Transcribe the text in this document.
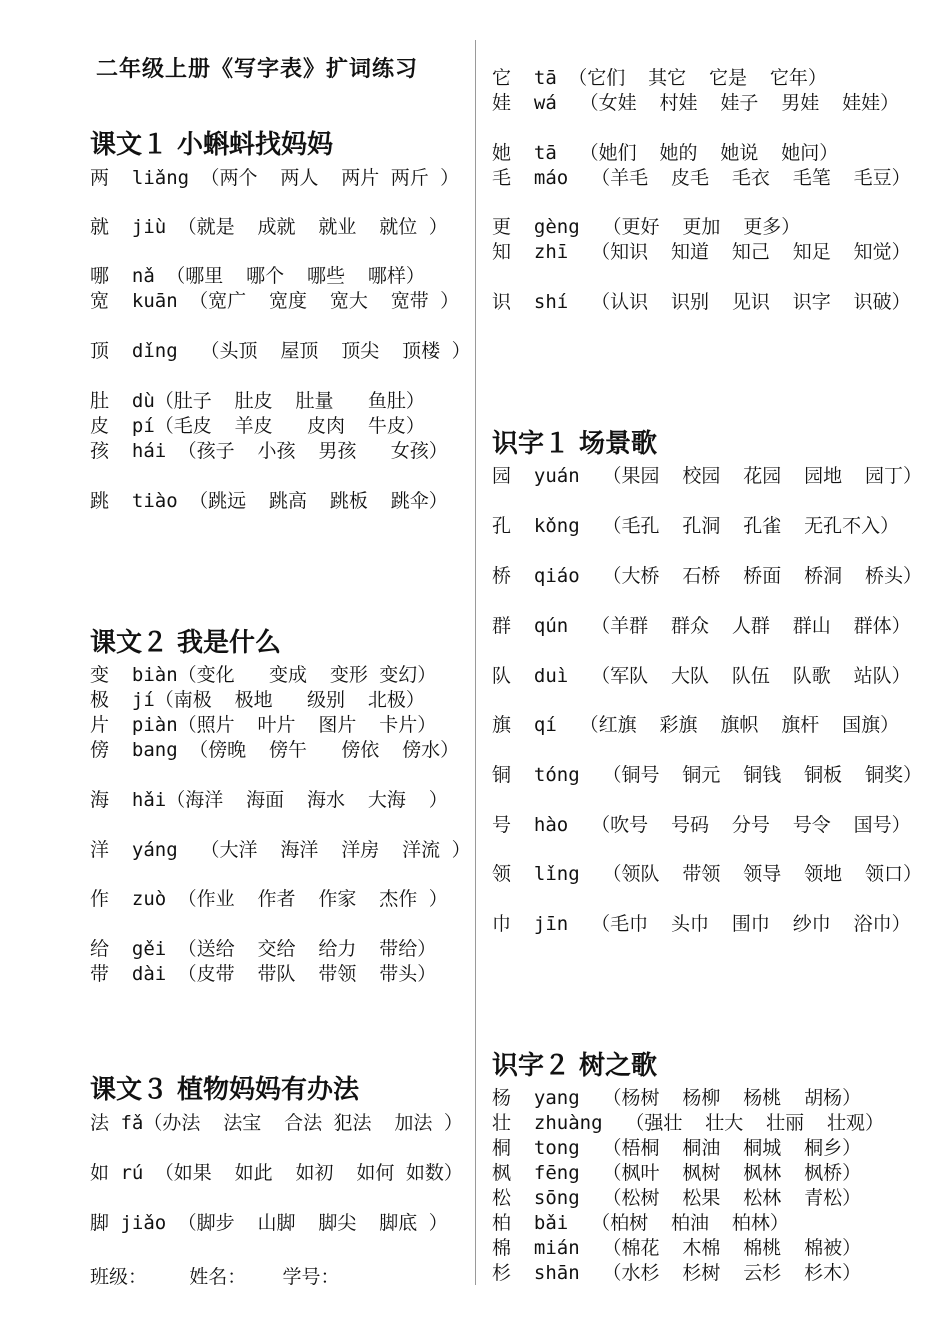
二年级上册《写字表》扩词练习
课文１ 小蝌蚪找妈妈

两  liǎng （两个  两人  两片 两斤 ）

就  jiù （就是  成就  就业  就位 ）

哪  nǎ （哪里  哪个  哪些  哪样）

宽  kuān （宽广  宽度  宽大  宽带 ）

顶  dǐng  （头顶  屋顶  顶尖  顶楼 ）

肚  dù（肚子  肚皮  肚量   鱼肚）

皮  pí（毛皮  羊皮   皮肉  牛皮）

孩  hái （孩子  小孩  男孩   女孩）

跳  tiào （跳远  跳高  跳板  跳伞）

课文２ 我是什么

变  biàn（变化   变成  变形 变幻）

极  jí（南极  极地   级别  北极）

片  piàn（照片  叶片  图片  卡片）

傍  bang （傍晚  傍午   傍依  傍水）

海  hǎi（海洋  海面  海水  大海  ）

洋  yáng  （大洋  海洋  洋房  洋流 ）

作  zuò （作业  作者  作家  杰作 ）

给  gěi （送给  交给  给力  带给）

带  dài （皮带  带队  带领  带头）

课文３ 植物妈妈有办法

法 fǎ（办法  法宝  合法 犯法  加法 ）

如 rú （如果  如此  如初  如何 如数）

脚 jiǎo （脚步  山脚  脚尖  脚底 ）

班级：       姓名：      学号：

它  tā （它们  其它  它是  它年）

娃  wá  （女娃  村娃  娃子  男娃  娃娃）

她  tā  （她们  她的  她说  她问）

毛  máo  （羊毛  皮毛  毛衣  毛笔  毛豆）

更  gèng  （更好  更加  更多）

知  zhī  （知识  知道  知己  知足  知觉）

识  shí  （认识  识别  见识  识字  识破）

识字１ 场景歌

园  yuán  （果园  校园  花园  园地  园丁）

孔  kǒng  （毛孔  孔洞  孔雀  无孔不入）

桥  qiáo  （大桥  石桥  桥面  桥洞  桥头）

群  qún  （羊群  群众  人群  群山  群体）

队  duì  （军队  大队  队伍  队歌  站队）

旗  qí  （红旗  彩旗  旗帜  旗杆  国旗）

铜  tóng  （铜号  铜元  铜钱  铜板  铜奖）

号  hào  （吹号  号码  分号  号令  国号）

领  lǐng  （领队  带领  领导  领地  领口）

巾  jīn  （毛巾  头巾  围巾  纱巾  浴巾）

识字２ 树之歌

杨  yang  （杨树  杨柳  杨桃  胡杨）

壮  zhuàng  （强壮  壮大  壮丽  壮观）

桐  tong  （梧桐  桐油  桐城  桐乡）

枫  fēng  （枫叶  枫树  枫林  枫桥）

松  sōng  （松树  松果  松林  青松）

柏  bǎi  （柏树  柏油  柏林）

棉  mián  （棉花  木棉  棉桃  棉被）

杉  shān  （水杉  杉树  云杉  杉木）
